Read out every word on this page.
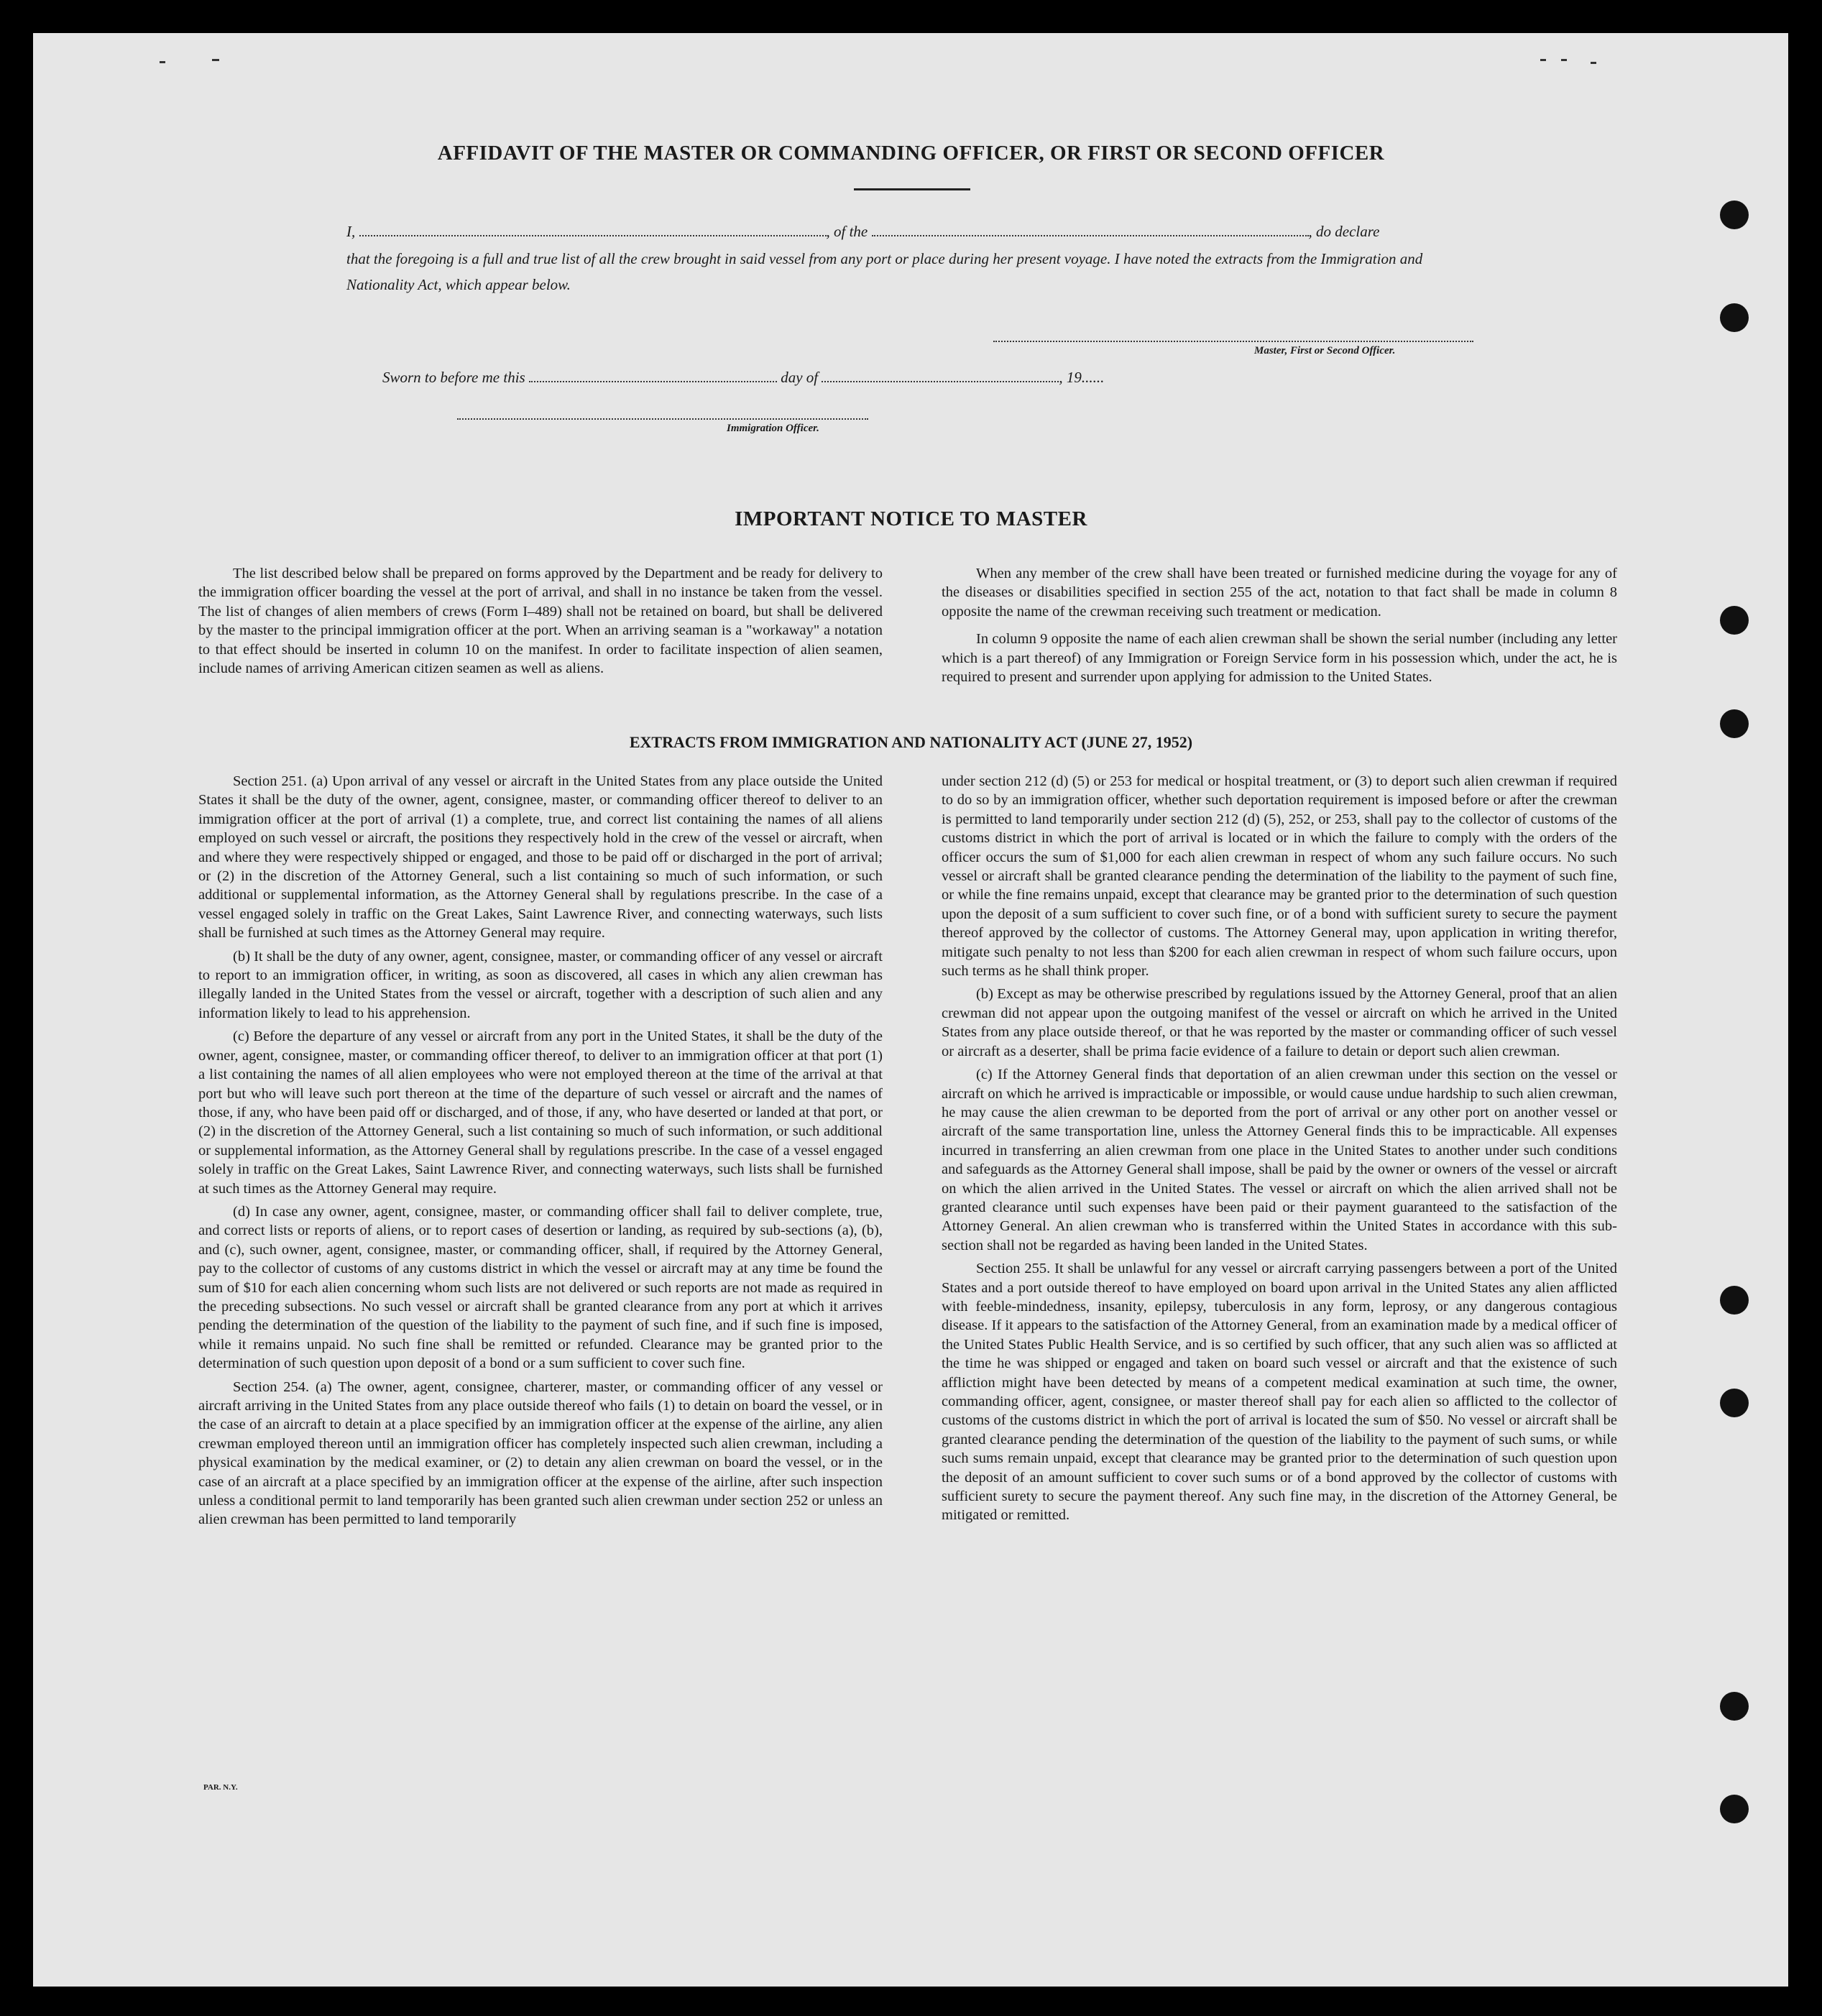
AFFIDAVIT OF THE MASTER OR COMMANDING OFFICER, OR FIRST OR SECOND OFFICER
I,	, of the	, do declare
that the foregoing is a full and true list of all the crew brought in said vessel from any port or place during her present voyage. I have noted the extracts from the Immigration and Nationality Act, which appear below.
Master, First or Second Officer.
Sworn to before me this	day of	, 19......
Immigration Officer.
IMPORTANT NOTICE TO MASTER

The list described below shall be prepared on forms approved by the Department and be ready for delivery to the immigration officer boarding the vessel at the port of arrival, and shall in no instance be taken from the vessel. The list of changes of alien members of crews (Form I–489) shall not be retained on board, but shall be delivered by the master to the principal immigration officer at the port. When an arriving seaman is a "workaway" a notation to that effect should be inserted in column 10 on the manifest. In order to facilitate inspection of alien seamen, include names of arriving American citizen seamen as well as aliens.

When any member of the crew shall have been treated or furnished medicine during the voyage for any of the diseases or disabilities specified in section 255 of the act, notation to that fact shall be made in column 8 opposite the name of the crewman receiving such treatment or medication.

In column 9 opposite the name of each alien crewman shall be shown the serial number (including any letter which is a part thereof) of any Immigration or Foreign Service form in his possession which, under the act, he is required to present and surrender upon applying for admission to the United States.

EXTRACTS FROM IMMIGRATION AND NATIONALITY ACT (JUNE 27, 1952)

Section 251. (a) Upon arrival of any vessel or aircraft in the United States from any place outside the United States it shall be the duty of the owner, agent, consignee, master, or commanding officer thereof to deliver to an immigration officer at the port of arrival (1) a complete, true, and correct list containing the names of all aliens employed on such vessel or aircraft, the positions they respectively hold in the crew of the vessel or aircraft, when and where they were respectively shipped or engaged, and those to be paid off or discharged in the port of arrival; or (2) in the discretion of the Attorney General, such a list containing so much of such information, or such additional or supplemental information, as the Attorney General shall by regulations prescribe. In the case of a vessel engaged solely in traffic on the Great Lakes, Saint Lawrence River, and connecting waterways, such lists shall be furnished at such times as the Attorney General may require.

(b) It shall be the duty of any owner, agent, consignee, master, or commanding officer of any vessel or aircraft to report to an immigration officer, in writing, as soon as discovered, all cases in which any alien crewman has illegally landed in the United States from the vessel or aircraft, together with a description of such alien and any information likely to lead to his apprehension.

(c) Before the departure of any vessel or aircraft from any port in the United States, it shall be the duty of the owner, agent, consignee, master, or commanding officer thereof, to deliver to an immigration officer at that port (1) a list containing the names of all alien employees who were not employed thereon at the time of the arrival at that port but who will leave such port thereon at the time of the departure of such vessel or aircraft and the names of those, if any, who have been paid off or discharged, and of those, if any, who have deserted or landed at that port, or (2) in the discretion of the Attorney General, such a list containing so much of such information, or such additional or supplemental information, as the Attorney General shall by regulations prescribe. In the case of a vessel engaged solely in traffic on the Great Lakes, Saint Lawrence River, and connecting waterways, such lists shall be furnished at such times as the Attorney General may require.

(d) In case any owner, agent, consignee, master, or commanding officer shall fail to deliver complete, true, and correct lists or reports of aliens, or to report cases of desertion or landing, as required by sub-sections (a), (b), and (c), such owner, agent, consignee, master, or commanding officer, shall, if required by the Attorney General, pay to the collector of customs of any customs district in which the vessel or aircraft may at any time be found the sum of $10 for each alien concerning whom such lists are not delivered or such reports are not made as required in the preceding subsections. No such vessel or aircraft shall be granted clearance from any port at which it arrives pending the determination of the question of the liability to the payment of such fine, and if such fine is imposed, while it remains unpaid. No such fine shall be remitted or refunded. Clearance may be granted prior to the determination of such question upon deposit of a bond or a sum sufficient to cover such fine.

Section 254. (a) The owner, agent, consignee, charterer, master, or commanding officer of any vessel or aircraft arriving in the United States from any place outside thereof who fails (1) to detain on board the vessel, or in the case of an aircraft to detain at a place specified by an immigration officer at the expense of the airline, any alien crewman employed thereon until an immigration officer has completely inspected such alien crewman, including a physical examination by the medical examiner, or (2) to detain any alien crewman on board the vessel, or in the case of an aircraft at a place specified by an immigration officer at the expense of the airline, after such inspection unless a conditional permit to land temporarily has been granted such alien crewman under section 252 or unless an alien crewman has been permitted to land temporarily

under section 212 (d) (5) or 253 for medical or hospital treatment, or (3) to deport such alien crewman if required to do so by an immigration officer, whether such deportation requirement is imposed before or after the crewman is permitted to land temporarily under section 212 (d) (5), 252, or 253, shall pay to the collector of customs of the customs district in which the port of arrival is located or in which the failure to comply with the orders of the officer occurs the sum of $1,000 for each alien crewman in respect of whom any such failure occurs. No such vessel or aircraft shall be granted clearance pending the determination of the liability to the payment of such fine, or while the fine remains unpaid, except that clearance may be granted prior to the determination of such question upon the deposit of a sum sufficient to cover such fine, or of a bond with sufficient surety to secure the payment thereof approved by the collector of customs. The Attorney General may, upon application in writing therefor, mitigate such penalty to not less than $200 for each alien crewman in respect of whom such failure occurs, upon such terms as he shall think proper.

(b) Except as may be otherwise prescribed by regulations issued by the Attorney General, proof that an alien crewman did not appear upon the outgoing manifest of the vessel or aircraft on which he arrived in the United States from any place outside thereof, or that he was reported by the master or commanding officer of such vessel or aircraft as a deserter, shall be prima facie evidence of a failure to detain or deport such alien crewman.

(c) If the Attorney General finds that deportation of an alien crewman under this section on the vessel or aircraft on which he arrived is impracticable or impossible, or would cause undue hardship to such alien crewman, he may cause the alien crewman to be deported from the port of arrival or any other port on another vessel or aircraft of the same transportation line, unless the Attorney General finds this to be impracticable. All expenses incurred in transferring an alien crewman from one place in the United States to another under such conditions and safeguards as the Attorney General shall impose, shall be paid by the owner or owners of the vessel or aircraft on which the alien arrived in the United States. The vessel or aircraft on which the alien arrived shall not be granted clearance until such expenses have been paid or their payment guaranteed to the satisfaction of the Attorney General. An alien crewman who is transferred within the United States in accordance with this sub-section shall not be regarded as having been landed in the United States.

Section 255. It shall be unlawful for any vessel or aircraft carrying passengers between a port of the United States and a port outside thereof to have employed on board upon arrival in the United States any alien afflicted with feeble-mindedness, insanity, epilepsy, tuberculosis in any form, leprosy, or any dangerous contagious disease. If it appears to the satisfaction of the Attorney General, from an examination made by a medical officer of the United States Public Health Service, and is so certified by such officer, that any such alien was so afflicted at the time he was shipped or engaged and taken on board such vessel or aircraft and that the existence of such affliction might have been detected by means of a competent medical examination at such time, the owner, commanding officer, agent, consignee, or master thereof shall pay for each alien so afflicted to the collector of customs of the customs district in which the port of arrival is located the sum of $50. No vessel or aircraft shall be granted clearance pending the determination of the question of the liability to the payment of such sums, or while such sums remain unpaid, except that clearance may be granted prior to the determination of such question upon the deposit of an amount sufficient to cover such sums or of a bond approved by the collector of customs with sufficient surety to secure the payment thereof. Any such fine may, in the discretion of the Attorney General, be mitigated or remitted.

PAR. N.Y.
